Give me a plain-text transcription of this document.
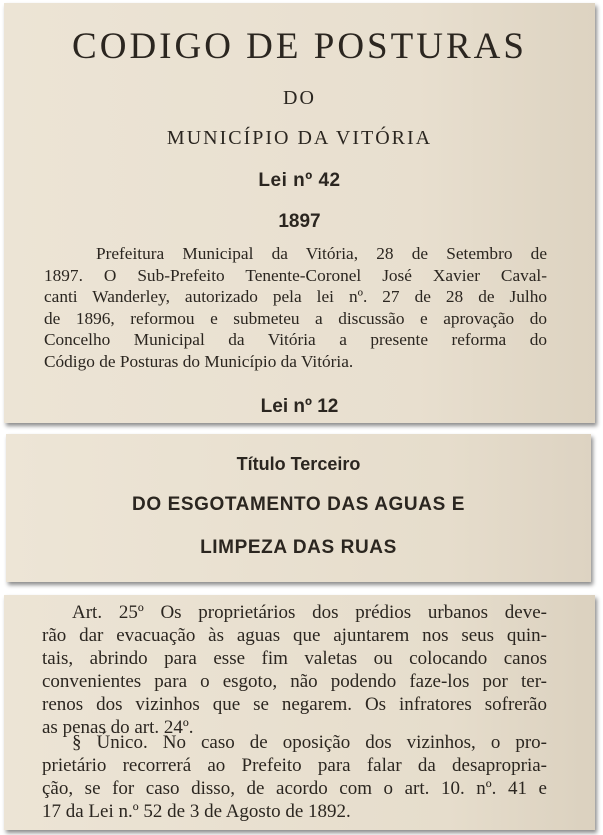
CODIGO DE POSTURAS
DO
MUNICÍPIO DA VITÓRIA
Lei nº 42
1897
Prefeitura Municipal da Vitória, 28 de Setembro de
1897. O Sub-Prefeito Tenente-Coronel José Xavier Caval-
canti Wanderley, autorizado pela lei nº. 27 de 28 de Julho
de 1896, reformou e submeteu a discussão e aprovação do
Concelho Municipal da Vitória a presente reforma do
Código de Posturas do Município da Vitória.
Lei nº 12
Título Terceiro
DO ESGOTAMENTO DAS AGUAS E
LIMPEZA DAS RUAS
Art. 25º Os proprietários dos prédios urbanos deve-
rão dar evacuação às aguas que ajuntarem nos seus quin-
tais, abrindo para esse fim valetas ou colocando canos
convenientes para o esgoto, não podendo faze-los por ter-
renos dos vizinhos que se negarem. Os infratores sofrerão
as penas do art. 24º.
§ Único. No caso de oposição dos vizinhos, o pro-
prietário recorrerá ao Prefeito para falar da desapropria-
ção, se for caso disso, de acordo com o art. 10. nº. 41 e
17 da Lei n.º 52 de 3 de Agosto de 1892.
